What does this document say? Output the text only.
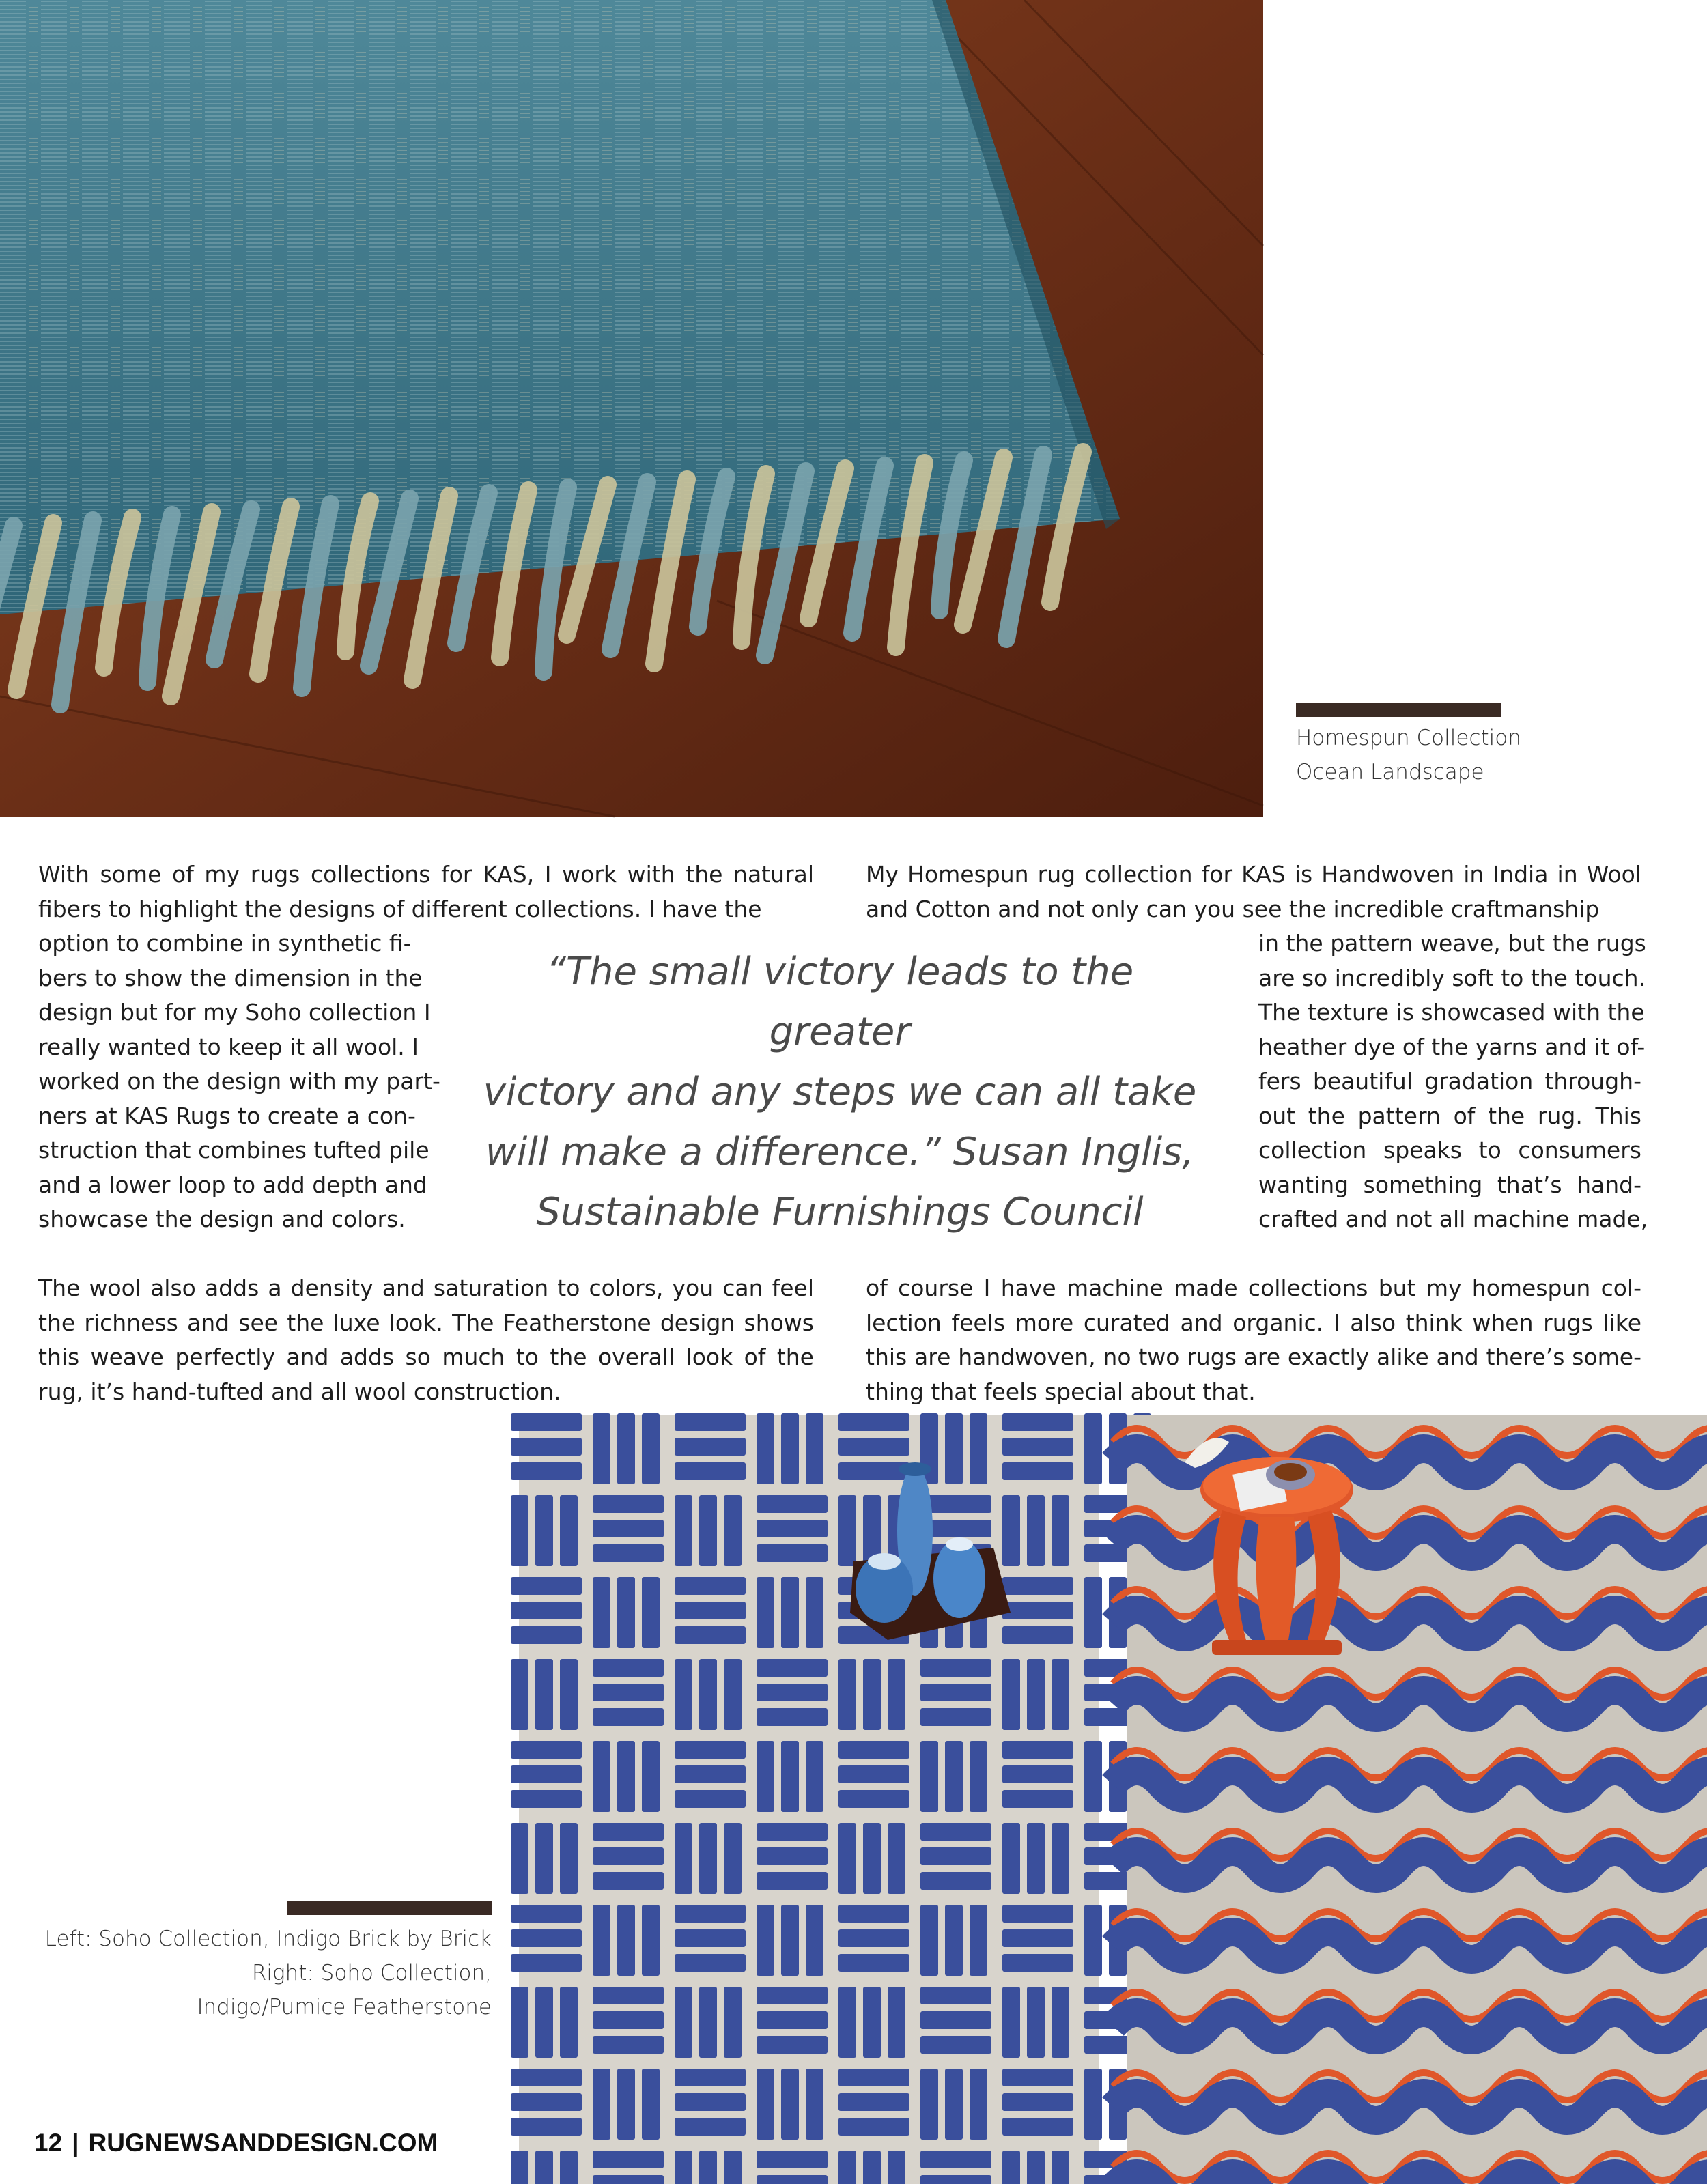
Homespun Collection
Ocean Landscape

With some of my rugs collections for KAS, I work with the natural fibers to highlight the designs of different collections. I have the

option to combine in synthetic fi-
bers to show the dimension in the
design but for my Soho collection I
really wanted to keep it all wool. I
worked on the design with my part-
ners at KAS Rugs to create a con-
struction that combines tufted pile
and a lower loop to add depth and
showcase the design and colors.

The wool also adds a density and saturation to colors, you can feel the richness and see the luxe look. The Featherstone design shows this weave perfectly and adds so much to the overall look of the rug, it’s hand-tufted and all wool construction.

My Homespun rug collection for KAS is Handwoven in India in Wool and Cotton and not only can you see the incredible craftmanship

in the pattern weave, but the rugs
are so incredibly soft to the touch.
The texture is showcased with the
heather dye of the yarns and it of-
fers beautiful gradation through-
out the pattern of the rug. This
collection speaks to consumers
wanting something that’s hand-
crafted and not all machine made,

of course I have machine made collections but my homespun col-lection feels more curated and organic. I also think when rugs like this are handwoven, no two rugs are exactly alike and there’s some-thing that feels special about that.

“The small victory leads to the greater
victory and any steps we can all take
will make a difference.” Susan Inglis,
Sustainable Furnishings Council
Left: Soho Collection, Indigo Brick by Brick
Right: Soho Collection,
Indigo/Pumice Featherstone
12 | RUGNEWSANDDESIGN.COM
